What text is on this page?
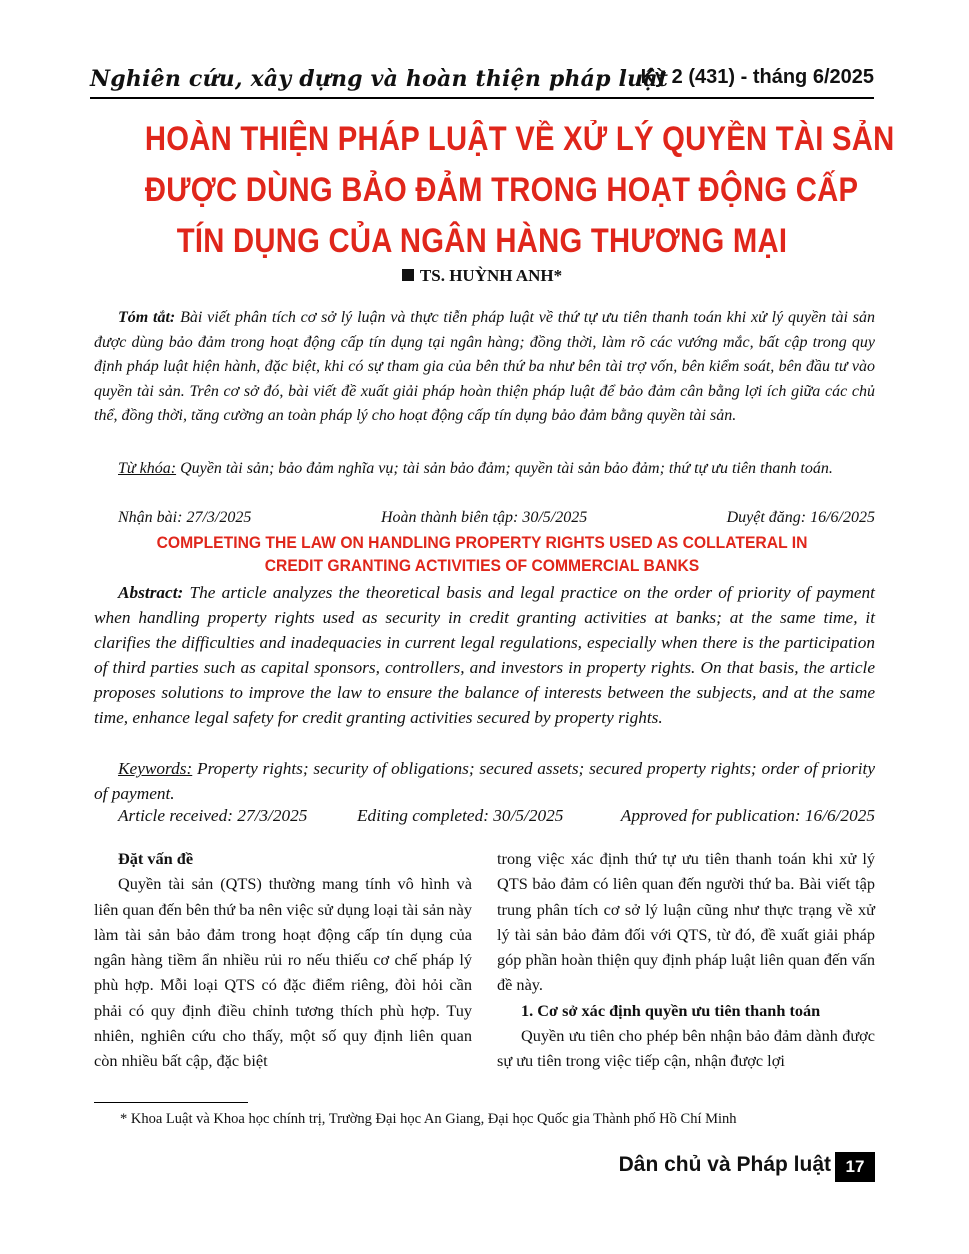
Nghiên cứu, xây dựng và hoàn thiện pháp luật
Kỳ 2 (431) - tháng 6/2025
HOÀN THIỆN PHÁP LUẬT VỀ XỬ LÝ QUYỀN TÀI SẢN
ĐƯỢC DÙNG BẢO ĐẢM TRONG HOẠT ĐỘNG CẤP
TÍN DỤNG CỦA NGÂN HÀNG THƯƠNG MẠI
TS. HUỲNH ANH*
Tóm tắt: Bài viết phân tích cơ sở lý luận và thực tiễn pháp luật về thứ tự ưu tiên thanh toán khi xử lý quyền tài sản được dùng bảo đảm trong hoạt động cấp tín dụng tại ngân hàng; đồng thời, làm rõ các vướng mắc, bất cập trong quy định pháp luật hiện hành, đặc biệt, khi có sự tham gia của bên thứ ba như bên tài trợ vốn, bên kiểm soát, bên đầu tư vào quyền tài sản. Trên cơ sở đó, bài viết đề xuất giải pháp hoàn thiện pháp luật để bảo đảm cân bằng lợi ích giữa các chủ thể, đồng thời, tăng cường an toàn pháp lý cho hoạt động cấp tín dụng bảo đảm bằng quyền tài sản.
Từ khóa: Quyền tài sản; bảo đảm nghĩa vụ; tài sản bảo đảm; quyền tài sản bảo đảm; thứ tự ưu tiên thanh toán.
Nhận bài: 27/3/2025	Hoàn thành biên tập: 30/5/2025	Duyệt đăng: 16/6/2025
COMPLETING THE LAW ON HANDLING PROPERTY RIGHTS USED AS COLLATERAL IN
CREDIT GRANTING ACTIVITIES OF COMMERCIAL BANKS
Abstract: The article analyzes the theoretical basis and legal practice on the order of priority of payment when handling property rights used as security in credit granting activities at banks; at the same time, it clarifies the difficulties and inadequacies in current legal regulations, especially when there is the participation of third parties such as capital sponsors, controllers, and investors in property rights. On that basis, the article proposes solutions to improve the law to ensure the balance of interests between the subjects, and at the same time, enhance legal safety for credit granting activities secured by property rights.
Keywords: Property rights; security of obligations; secured assets; secured property rights; order of priority of payment.
Article received: 27/3/2025	Editing completed: 30/5/2025	Approved for publication: 16/6/2025

Đặt vấn đề

Quyền tài sản (QTS) thường mang tính vô hình và liên quan đến bên thứ ba nên việc sử dụng loại tài sản này làm tài sản bảo đảm trong hoạt động cấp tín dụng của ngân hàng tiềm ẩn nhiều rủi ro nếu thiếu cơ chế pháp lý phù hợp. Mỗi loại QTS có đặc điểm riêng, đòi hỏi cần phải có quy định điều chỉnh tương thích phù hợp. Tuy nhiên, nghiên cứu cho thấy, một số quy định liên quan còn nhiều bất cập, đặc biệt

trong việc xác định thứ tự ưu tiên thanh toán khi xử lý QTS bảo đảm có liên quan đến người thứ ba. Bài viết tập trung phân tích cơ sở lý luận cũng như thực trạng về xử lý tài sản bảo đảm đối với QTS, từ đó, đề xuất giải pháp góp phần hoàn thiện quy định pháp luật liên quan đến vấn đề này.

1. Cơ sở xác định quyền ưu tiên thanh toán

Quyền ưu tiên cho phép bên nhận bảo đảm dành được sự ưu tiên trong việc tiếp cận, nhận được lợi

* Khoa Luật và Khoa học chính trị, Trường Đại học An Giang, Đại học Quốc gia Thành phố Hồ Chí Minh
Dân chủ và Pháp luật 17
